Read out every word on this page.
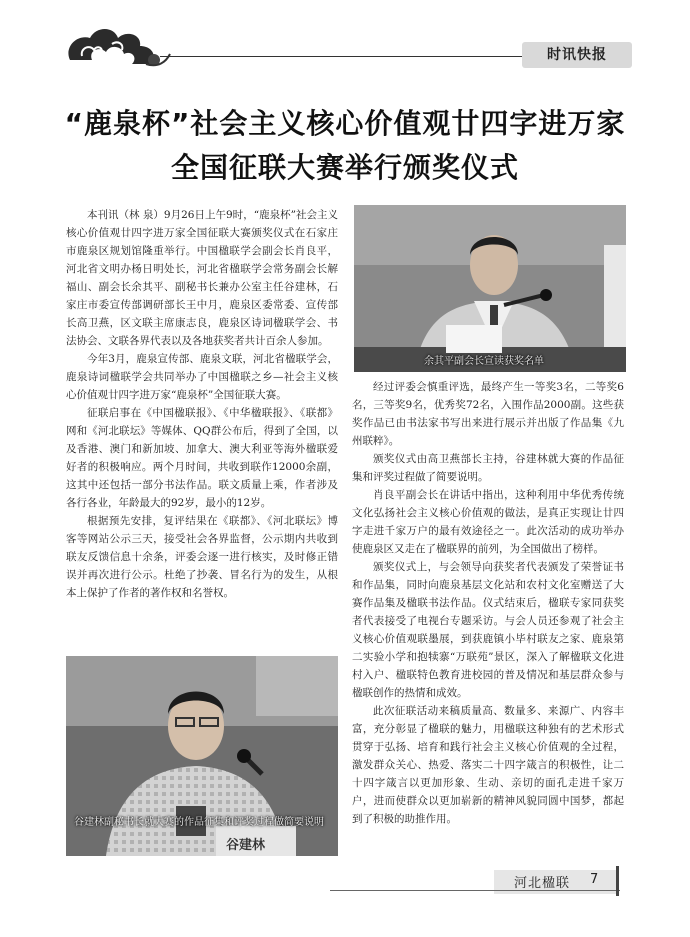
时讯快报
“鹿泉杯”社会主义核心价值观廿四字进万家
全国征联大赛举行颁奖仪式

本刊讯（林 泉）9月26日上午9时，“鹿泉杯”社会主义核心价值观廿四字进万家全国征联大赛颁奖仪式在石家庄市鹿泉区规划馆隆重举行。中国楹联学会副会长肖良平，河北省文明办杨日明处长，河北省楹联学会常务副会长解福山、副会长余其平、副秘书长兼办公室主任谷建林，石家庄市委宣传部调研部长王中月，鹿泉区委常委、宣传部长高卫燕，区文联主席康志良，鹿泉区诗词楹联学会、书法协会、文联各界代表以及各地获奖者共计百余人参加。

今年3月，鹿泉宣传部、鹿泉文联，河北省楹联学会，鹿泉诗词楹联学会共同举办了中国楹联之乡—社会主义核心价值观廿四字进万家“鹿泉杯”全国征联大赛。

征联启事在《中国楹联报》、《中华楹联报》、《联都》网和《河北联坛》等媒体、QQ群公布后，得到了全国，以及香港、澳门和新加坡、加拿大、澳大利亚等海外楹联爱好者的积极响应。两个月时间，共收到联作12000余副，这其中还包括一部分书法作品。联文质量上乘，作者涉及各行各业，年龄最大的92岁，最小的12岁。

根据预先安排，复评结果在《联都》、《河北联坛》博客等网站公示三天，接受社会各界监督，公示期内共收到联友反馈信息十余条，评委会逐一进行核实，及时修正错误并再次进行公示。杜绝了抄袭、冒名行为的发生，从根本上保护了作者的著作权和名誉权。

余其平副会长宣读获奖名单

经过评委会慎重评选，最终产生一等奖3名，二等奖6名，三等奖9名，优秀奖72名，入围作品2000副。这些获奖作品已由书法家书写出来进行展示并出版了作品集《九州联粹》。

颁奖仪式由高卫燕部长主持，谷建林就大赛的作品征集和评奖过程做了简要说明。

肖良平副会长在讲话中指出，这种利用中华优秀传统文化弘扬社会主义核心价值观的做法，是真正实现让廿四字走进千家万户的最有效途径之一。此次活动的成功举办使鹿泉区又走在了楹联界的前列，为全国做出了榜样。

颁奖仪式上，与会领导向获奖者代表颁发了荣誉证书和作品集，同时向鹿泉基层文化站和农村文化室赠送了大赛作品集及楹联书法作品。仪式结束后，楹联专家同获奖者代表接受了电视台专题采访。与会人员还参观了社会主义核心价值观联墨展，到获鹿镇小毕村联友之家、鹿泉第二实验小学和抱犊寨“万联苑”景区，深入了解楹联文化进村入户、楹联特色教育进校园的普及情况和基层群众参与楹联创作的热情和成效。

此次征联活动来稿质量高、数量多、来源广、内容丰富，充分彰显了楹联的魅力，用楹联这种独有的艺术形式贯穿于弘扬、培育和践行社会主义核心价值观的全过程，激发群众关心、热爱、落实二十四字箴言的积极性，让二十四字箴言以更加形象、生动、亲切的面孔走进千家万户，进而使群众以更加崭新的精神风貌同圆中国梦，都起到了积极的助推作用。

谷建林副秘书长就大赛的作品征集和评奖过程做简要说明
谷建林
河北楹联 7
